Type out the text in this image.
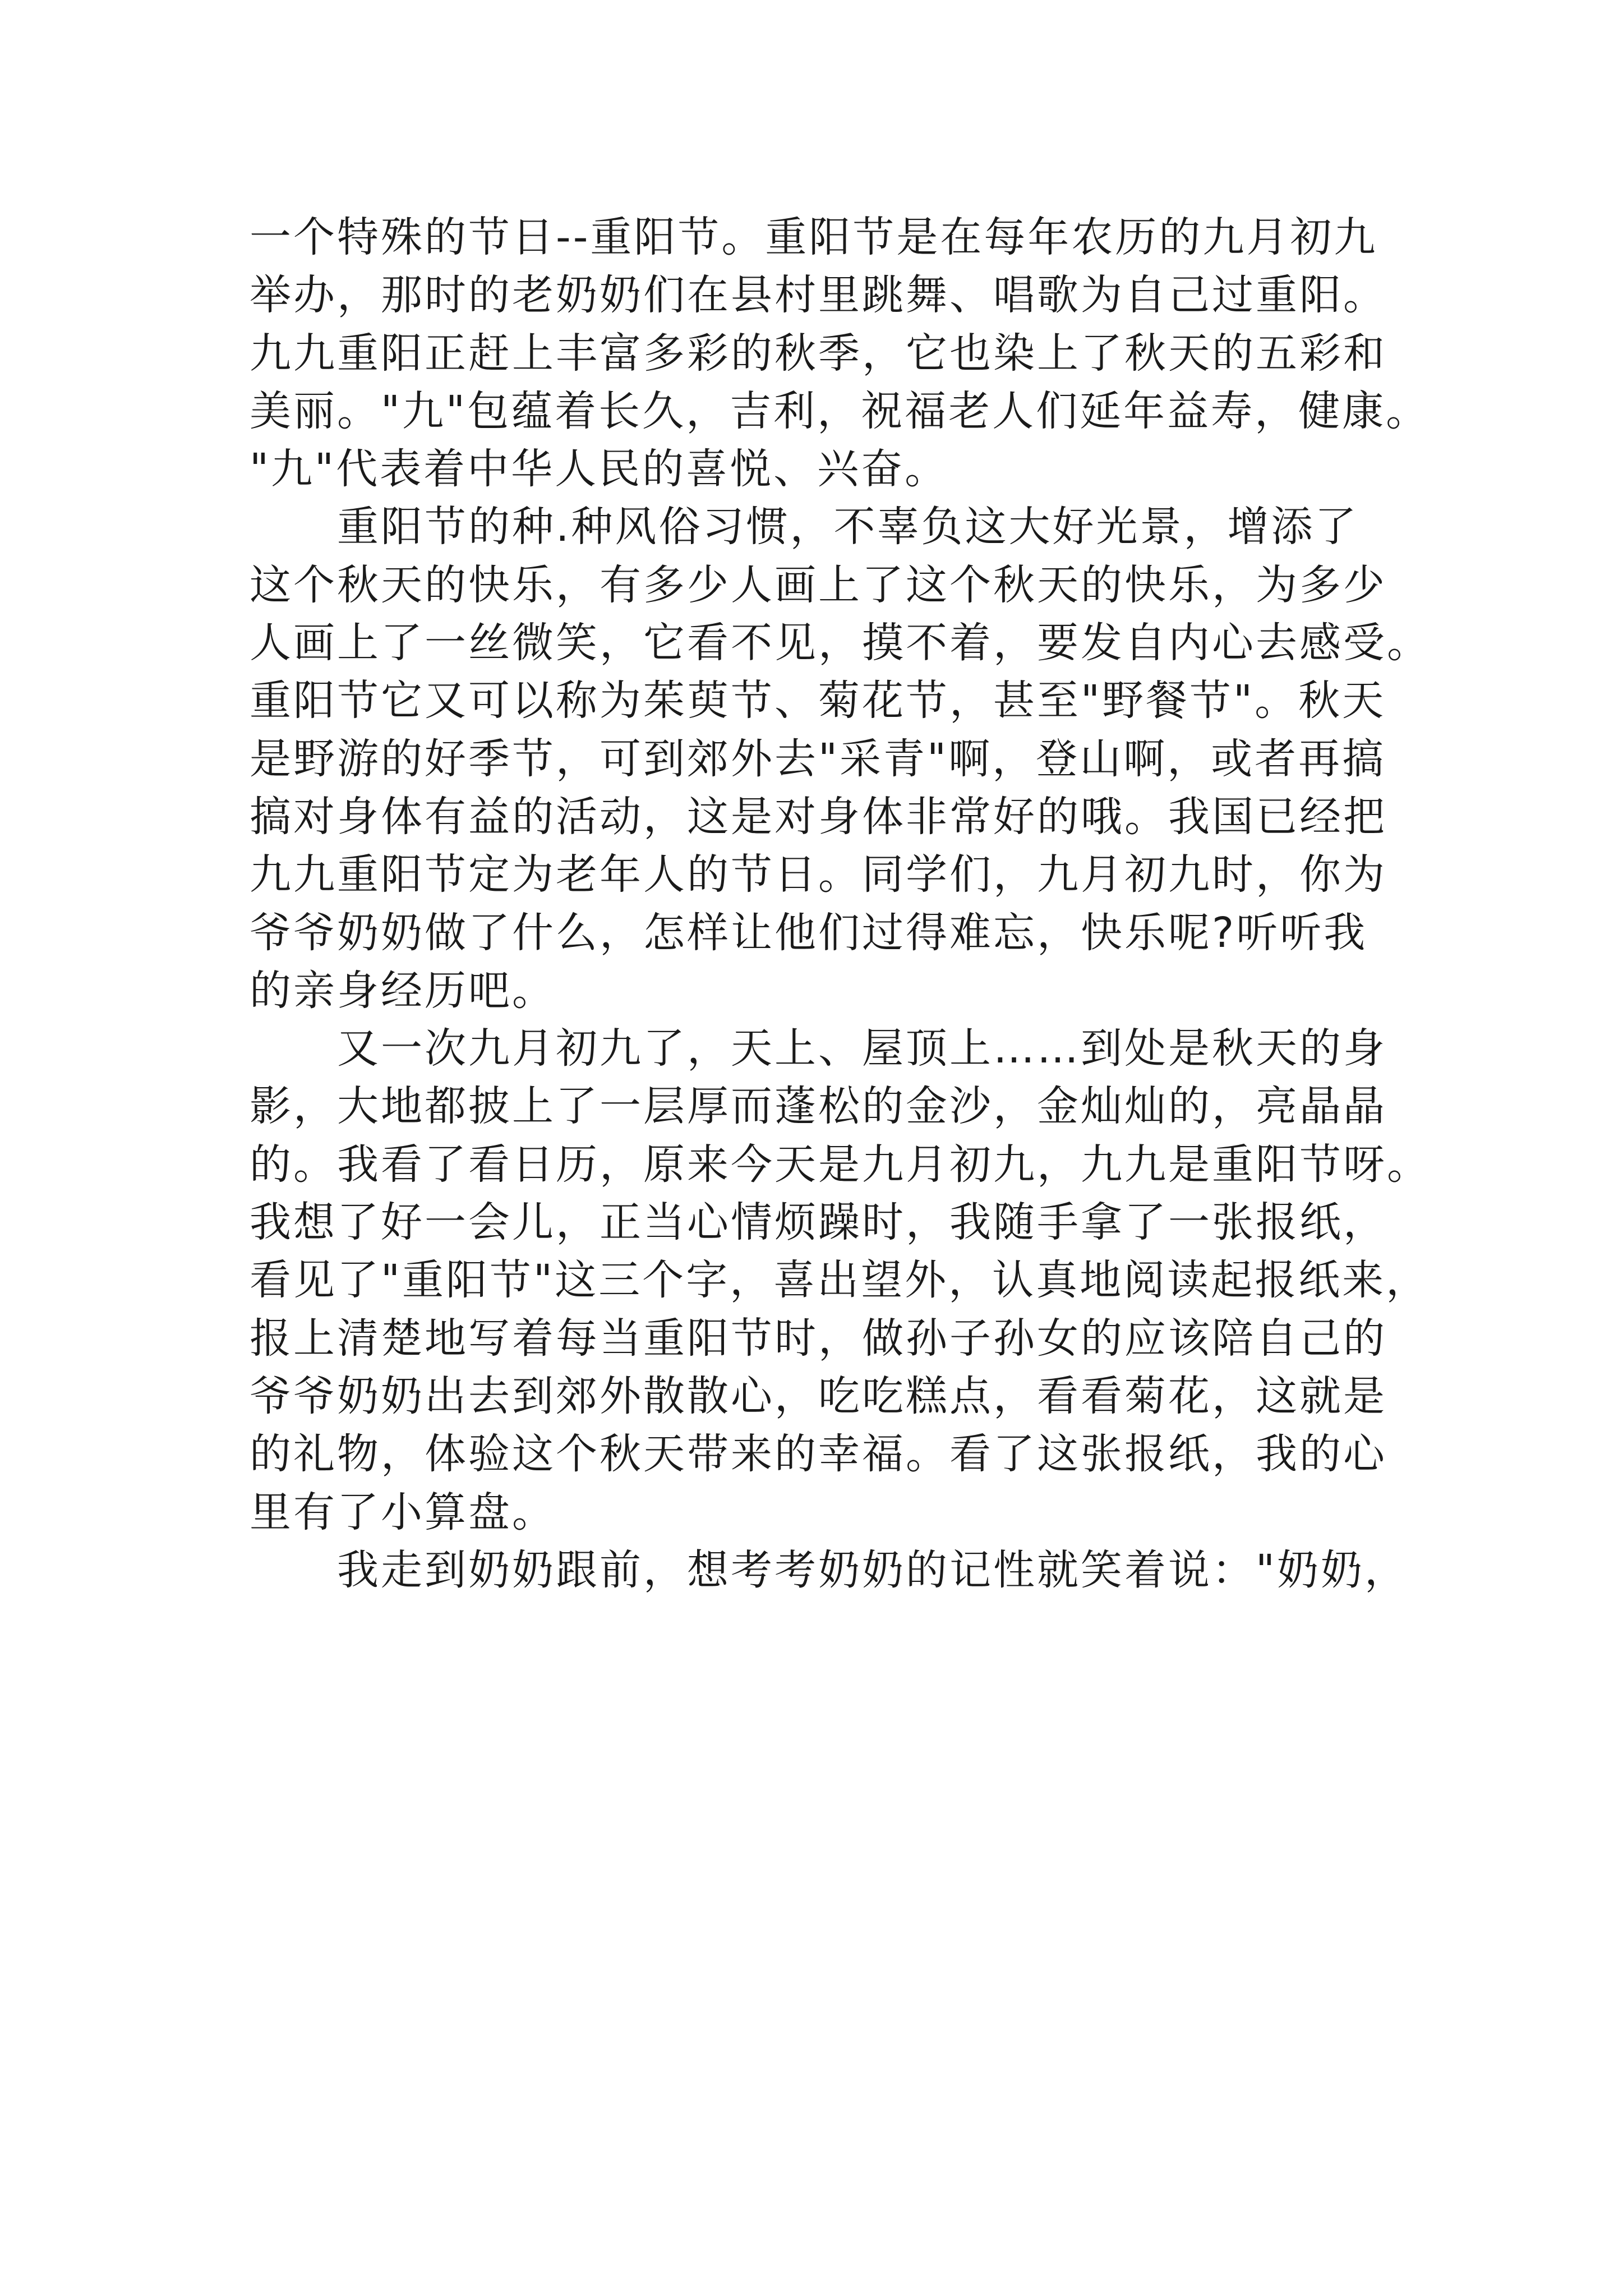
一个特殊的节日--重阳节。重阳节是在每年农历的九月初九
举办，那时的老奶奶们在县村里跳舞、唱歌为自己过重阳。
九九重阳正赶上丰富多彩的秋季，它也染上了秋天的五彩和
美丽。"九"包蕴着长久，吉利，祝福老人们延年益寿，健康。
"九"代表着中华人民的喜悦、兴奋。
重阳节的种.种风俗习惯，不辜负这大好光景，增添了
这个秋天的快乐，有多少人画上了这个秋天的快乐，为多少
人画上了一丝微笑，它看不见，摸不着，要发自内心去感受。
重阳节它又可以称为茱萸节、菊花节，甚至"野餐节"。秋天
是野游的好季节，可到郊外去"采青"啊，登山啊，或者再搞
搞对身体有益的活动，这是对身体非常好的哦。我国已经把
九九重阳节定为老年人的节日。同学们，九月初九时，你为
爷爷奶奶做了什么，怎样让他们过得难忘，快乐呢?听听我
的亲身经历吧。
又一次九月初九了，天上、屋顶上……到处是秋天的身
影，大地都披上了一层厚而蓬松的金沙，金灿灿的，亮晶晶
的。我看了看日历，原来今天是九月初九，九九是重阳节呀。
我想了好一会儿，正当心情烦躁时，我随手拿了一张报纸，
看见了"重阳节"这三个字，喜出望外，认真地阅读起报纸来，
报上清楚地写着每当重阳节时，做孙子孙女的应该陪自己的
爷爷奶奶出去到郊外散散心，吃吃糕点，看看菊花，这就是
的礼物，体验这个秋天带来的幸福。看了这张报纸，我的心
里有了小算盘。
我走到奶奶跟前，想考考奶奶的记性就笑着说："奶奶，
